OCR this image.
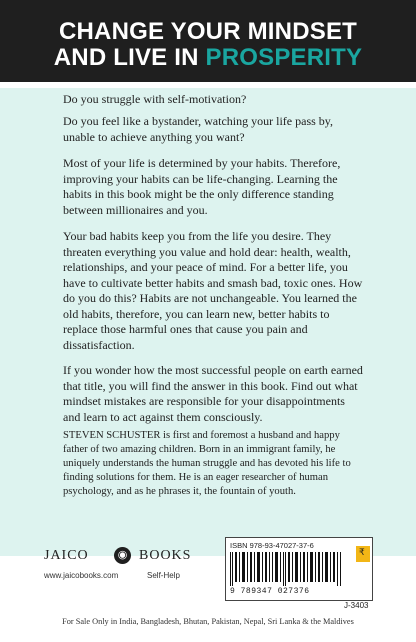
CHANGE YOUR MINDSET
AND LIVE IN PROSPERITY

Do you struggle with self-motivation?

Do you feel like a bystander, watching your life pass by, unable to achieve anything you want?

Most of your life is determined by your habits. Therefore, improving your habits can be life-changing. Learning the habits in this book might be the only difference standing between millionaires and you.

Your bad habits keep you from the life you desire. They threaten everything you value and hold dear: health, wealth, relationships, and your peace of mind. For a better life, you have to cultivate better habits and smash bad, toxic ones. How do you do this? Habits are not unchangeable. You learned the old habits, therefore, you can learn new, better habits to replace those harmful ones that cause you pain and dissatisfaction.

If you wonder how the most successful people on earth earned that title, you will find the answer in this book. Find out what mindset mistakes are responsible for your disappointments and learn to act against them consciously.

STEVEN SCHUSTER is first and foremost a husband and happy father of two amazing children. Born in an immigrant family, he uniquely understands the human struggle and has devoted his life to finding solutions for them. He is an eager researcher of human psychology, and as he phrases it, the fountain of youth.

JAICO	◉ BOOKS
www.jaicobooks.com	Self-Help
ISBN 978-93-47027-37-6
9 789347 027376
₹
J-3403
For Sale Only in India, Bangladesh, Bhutan, Pakistan, Nepal, Sri Lanka & the Maldives
